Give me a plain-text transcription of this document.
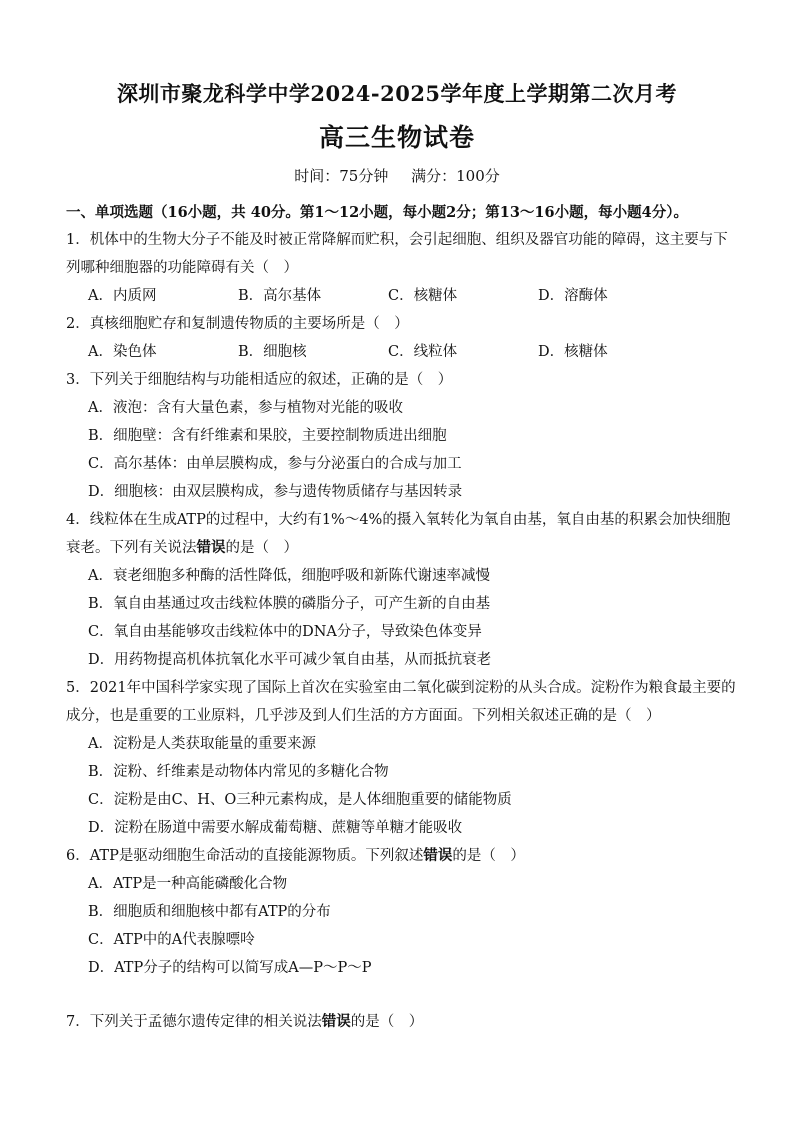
深圳市聚龙科学中学2024-2025学年度上学期第二次月考
高三生物试卷
时间：75分钟 满分：100分
一、单项选题（16小题，共 40分。第1～12小题，每小题2分；第13～16小题，每小题4分）。
1．机体中的生物大分子不能及时被正常降解而贮积，会引起细胞、组织及器官功能的障碍，这主要与下列哪种细胞器的功能障碍有关（　）
A．内质网	B．高尔基体	C．核糖体	D．溶酶体
2．真核细胞贮存和复制遗传物质的主要场所是（　）
A．染色体	B．细胞核	C．线粒体	D．核糖体
3．下列关于细胞结构与功能相适应的叙述，正确的是（　）
A．液泡：含有大量色素，参与植物对光能的吸收
B．细胞壁：含有纤维素和果胶，主要控制物质进出细胞
C．高尔基体：由单层膜构成，参与分泌蛋白的合成与加工
D．细胞核：由双层膜构成，参与遗传物质储存与基因转录
4．线粒体在生成ATP的过程中，大约有1%～4%的摄入氧转化为氧自由基，氧自由基的积累会加快细胞衰老。下列有关说法错误的是（　）
A．衰老细胞多种酶的活性降低，细胞呼吸和新陈代谢速率减慢
B．氧自由基通过攻击线粒体膜的磷脂分子，可产生新的自由基
C．氧自由基能够攻击线粒体中的DNA分子，导致染色体变异
D．用药物提高机体抗氧化水平可减少氧自由基，从而抵抗衰老
5．2021年中国科学家实现了国际上首次在实验室由二氧化碳到淀粉的从头合成。淀粉作为粮食最主要的成分，也是重要的工业原料，几乎涉及到人们生活的方方面面。下列相关叙述正确的是（　）
A．淀粉是人类获取能量的重要来源
B．淀粉、纤维素是动物体内常见的多糖化合物
C．淀粉是由C、H、O三种元素构成，是人体细胞重要的储能物质
D．淀粉在肠道中需要水解成葡萄糖、蔗糖等单糖才能吸收
6．ATP是驱动细胞生命活动的直接能源物质。下列叙述错误的是（　）
A．ATP是一种高能磷酸化合物
B．细胞质和细胞核中都有ATP的分布
C．ATP中的A代表腺嘌呤
D．ATP分子的结构可以简写成A—P～P～P
7．下列关于孟德尔遗传定律的相关说法错误的是（　）
